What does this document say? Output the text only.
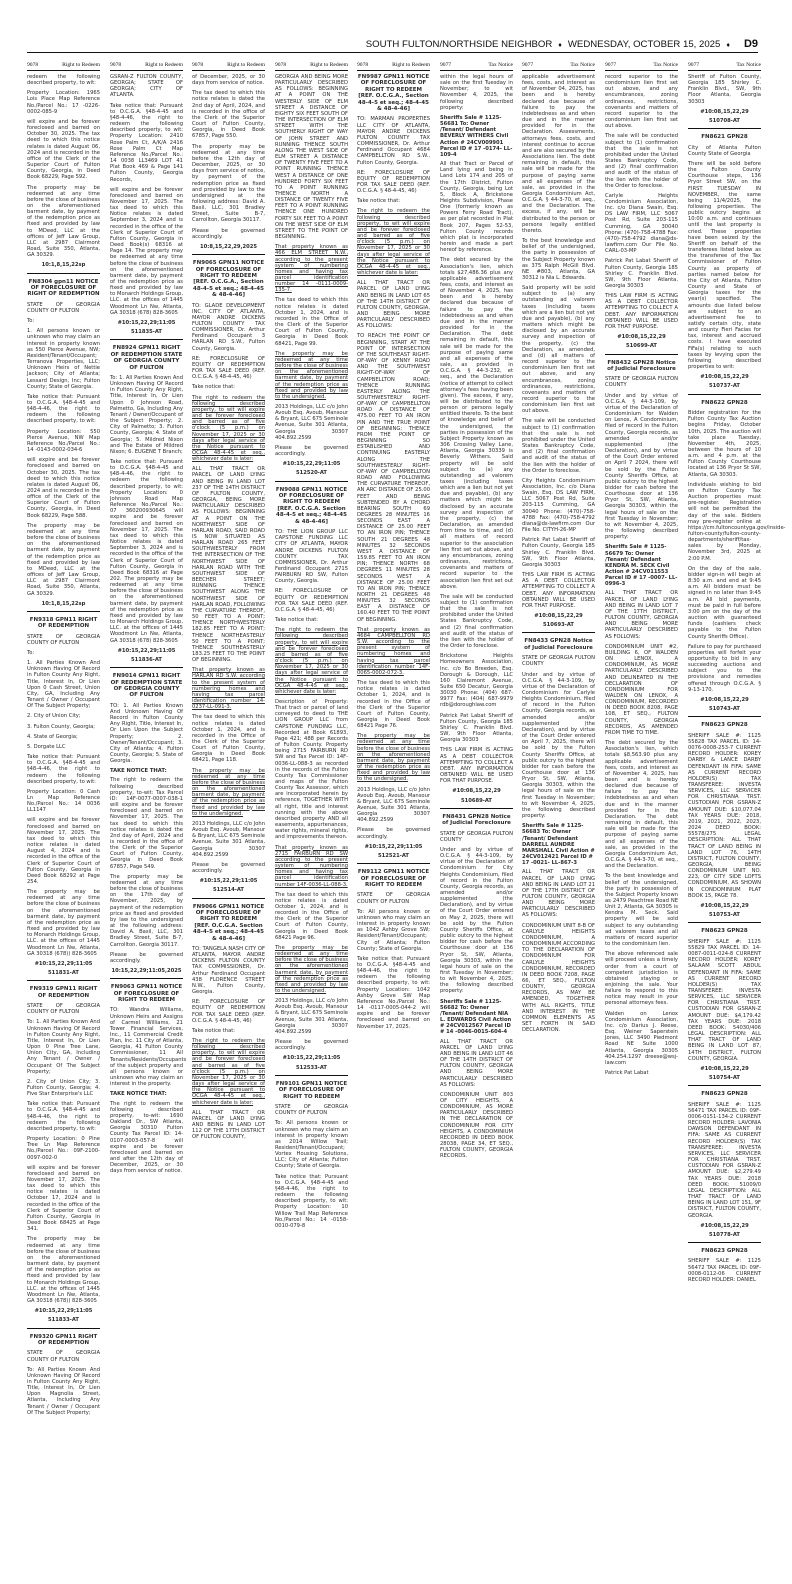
SOUTH FULTON/NORTHSIDE NEIGHBOR ♦ WEDNESDAY, OCTOBER 15, 2025 ♦ D9
9078	Right to Redeem
redeem the following described property, to wit:
Property Location: 1965 Lois Place Map Reference No./Parcel No.: 17 -0226-0002-085-9
will expire and be forever foreclosed and barred on October 30, 2025. The tax deed to which this notice relates is dated August 06, 2024 and is recorded in the office of the Clerk of the Superior Court of Fulton County, Georgia, in Deed Book 68229, Page 592.
The property may be redeemed at any time before the close of business on the aforementioned barment date, by payment of the redemption price as fixed and provided by law to MDeed, LLC at the offices of Jeff Law Group, LLC at 2987 Clairmont Road, Suite 350, Atlanta, GA 30329.
10:1,8,15,22sp
FN8304 gpn11 NOTICE OF FORECLOSURE OF RIGHT OF REDEMPTION
STATE OF GEORGIA COUNTY OF FULTON
To:
1. All persons known or unknown who may claim an interest in property known as 550 Pierce Avenue, NW; Resident/Tenant/Occupant; Terranova Properties, LLC; Unknown Heirs of Nettie Jackson; City of Atlanta; Lessard Design, Inc; Fulton County; State of Georgia.
Take notice that: Pursuant to O.C.G.A. §48-4-45 and §48-4-46, the right to redeem the following described property, to wit:
Property Location: 550 Pierce Avenue, NW Map Reference No./Parcel No.: 14 -0143-0002-034-6
will expire and be forever foreclosed and barred on October 30, 2025. The tax deed to which this notice relates is dated August 06, 2024 and is recorded in the office of the Clerk of the Superior Court of Fulton County, Georgia, in Deed Book 68229, Page 588.
The property may be redeemed at any time before the close of business on the aforementioned barment date, by payment of the redemption price as fixed and provided by law to MDeed, LLC at the offices of Jeff Law Group, LLC at 2987 Clairmont Road, Suite 350, Atlanta, GA 30329.
10:1,8,15,22sp
FN9318 GPN11 RIGHT OF REDEMPTION
STATE OF GEORGIA COUNTY OF FULTON
To:
1. All Parties Known And Unknown Having Of Record in Fulton County Any Right, Title, Interest In, Or Lien Upon 0 Cash Street, Union City, GA, Including Any Tenant / Owner / Occupant Of The Subject Property;
2. City of Union City;
3. Fulton County, Georgia;
4. State of Georgia;
5. Dorgate LLC
Take notice that: Pursuant to O.C.G.A. §48-4-45 and §48-4-46, the right to redeem the following described property, to wit:
Property Location: 0 Cash Ln Map Reference No./Parcel No.: 14 0036 LL1147
will expire and be forever foreclosed and barred on November 17, 2025. The tax deed to which this notice relates is dated August 4, 2024 and is recorded in the office of the Clerk of Superior Court of Fulton County, Georgia in Deed Book 68292 at Page 254.
The property may be redeemed at any time before the close of business on the aforementioned barment date, by payment of the redemption price as fixed and provided by law to Monarch Holdings Group, LLC. at the offices of 1445 Woodmont Ln Nw, Atlanta, GA 30318 (678)) 828-3605
#10:15,22,29;11:05
511831-AT
FN9319 GPN11 RIGHT OF REDEMPTION
STATE OF GEORGIA COUNTY OF FULTON
To: 1. All Parties Known And Unknown Having Of Record in Fulton County Any Right, Title, Interest In, Or Lien Upon 0 Pine Tree Lane, Union City, GA, Including Any Tenant / Owner / Occupant Of The Subject Property;
2. City of Union City; 3. Fulton County, Georgia; 4. Five Star Enterprise's LLC
Take notice that: Pursuant to O.C.G.A. §48-4-45 and §48-4-46, the right to redeem the following described property, to wit:
Property Location: 0 Pine Tree Ln Map Reference No./Parcel No.: 09F-2100-0097-002-0
will expire and be forever foreclosed and barred on November 17, 2025. The tax deed to which this notice relates is dated October 17, 2024 and is recorded in the office of the Clerk of Superior Court of Fulton County, Georgia in Deed Book 68425 at Page 341.
The property may be redeemed at any time before the close of business on the aforementioned barment date, by payment of the redemption price as fixed and provided by law to Monarch Holdings Group, LLC. at the offices of 1445 Woodmont Ln Nw, Atlanta, GA 30318 (678)) 828-3605
#10:15,22,29;11:05
511833-AT
FN9320 GPN11 RIGHT OF REDEMPTION
STATE OF GEORGIA COUNTY OF FULTON
To: All Parties Known And Unknown Having Of Record in Fulton County Any Right, Title, Interest In, Or Lien Upon Magnolia Street, Atlanta, Including Any Tenant / Owner / Occupant Of The Subject Property;
9078	Right to Redeem
GSRAN-Z FULTON COUNTY, GEORGIA; STATE OF GEORGIA; CITY OF ATLANTA.
Take notice that: Pursuant to O.C.G.A. §48-4-45 and §48-4-46, the right to redeem the following described property, to wit: Property Location: 2410 Rose Palm Ct, A/K/A 2416 Rose Palm Ct Map Reference No./Parcel No.: 14 0038 LL3469 LOT 41 Plat Book 469 & Page 141 Fulton County, Georgia Records,
will expire and be forever foreclosed and barred on November 17, 2025. The tax deed to which this Notice relates is dated September 3, 2024 and is recorded in the office of the Clerk of Superior Court of Fulton County, Georgia in Deed Book(s) 68316 at Page 14. The property may be redeemed at any time before the close of business on the aforementioned barment date, by payment of the redemption price as fixed and provided by law to Monarch Holdings Group, LLC. at the offices of 1445 Woodmont Ln Nw, Atlanta, GA 30318 (678) 828-3605
#10:15,22,29;11:05
511835-AT
FN8924 GPN11 RIGHT OF REDEMPTION STATE OF GEORGIA COUNTY OF FULTON
To: 1. All Parties Known And Unknown Having Of Record in Fulton County Any Right, Title, Interest In, Or Lien Upon 0 Johnson Road, Palmetto, Ga, Including Any Tenant / Owner/Occupant of the Subject Property; 2. City of Palmetto; 3. Fulton County, Georgia; 4. State of Georgia; 5. Mildred Nixon and The Estate of Mildred Nixon; 6. EUGENE T Branch;
Take notice that: Pursuant to O.C.G.A. §48-4-45 and §48-4-46, the right to redeem the following described property, to wit: Property Location: 0 Johnson Road Map Reference No./Parcel No.: 07 360200930645 will expire and be forever foreclosed and barred on November 17, 2025. The tax deed to which this Notice relates is dated September 3, 2024 and is recorded in the office of the Clerk of Superior Court of Fulton County, Georgia in Deed Book 68316 at Page 202. The property may be redeemed at any time before the close of business on the aforementioned barment date, by payment of the redemption price as fixed and provided by law to Monarch Holdings Group, LLC. at the offices of 1445 Woodmont Ln Nw, Atlanta, GA 30318 (678) 828-3605
#10:15,22,29;11:05
511836-AT
FN9014 GPN11 RIGHT OF REDEMPTION STATE OF GEORGIA COUNTY OF FULTON
TO: 1. All Parties Known And Unknown Having Of Record in Fulton County Any Right, Title, Interest In, Or Lien Upon the Subject Property; 2. Owner/Tenant/Occupant; 3. City of Atlanta; 4. Fulton County, Georgia; 5. State of Georgia.
TAKE NOTICE THAT:
The right to redeem the following described property, to-wit: Tax Parcel ID: 14F-0077-0007-038-1 will expire and be forever foreclosed and barred on November 17, 2025. The tax deed to which this notice relates is dated the 2nd day of April, 2024 and is recorded in the office of the Clerk of the Superior Court of Fulton County, Georgia in Deed Book 67857, Page 549.
The property may be redeemed at any time before the close of business on the 17th day of November, 2025, by payment of the redemption price as fixed and provided by law to the undersigned at the following address: David A. Basil, LLC, 301 Bradley Street, Suite B-7, Carrollton, Georgia 30117.
Please be governed accordingly.
10:15,22,29;11:05,2025
FN9063 GPN11 NOTICE OF FORECLOSURE OF RIGHT TO REDEEM
TO: Wandra Williams, Unknown Heirs and Assigns of Carmel Williams, 21 Tower Financial Services, Inc., 11 Commercial Credit Plan, Inc. 11 City of Atlanta, Georgia, 41 Fulton County Commissioner, 11 All Tenants/Residents/Occupants of the subject property and all persons known or unknown who may claim an interest in the property.
TAKE NOTICE THAT:
The right to redeem the following described property, to-wit: 1690 Oakland Dr., SW Atlanta, Georgia 30310 Fulton County Tax Parcel ID: 14-0107-0003-057-8 will expire and be forever foreclosed and barred on and after the 12th day of December, 2025, or 30 days from service of notice.
9078	Right to Redeem
of December, 2025, or 30 days from service of notice.
The tax deed to which this notice relates is dated the 2nd day of April, 2024, and is recorded in the office of the Clerk of the Superior Court of Fulton County, Georgia, in Deed Book 67857, Page 550.
The property may be redeemed at any time before the 12th day of December, 2025, or 30 days from service of notice, by payment of the redemption price as fixed and provided by law to the undersigned at the following address: David A. Basil, LLC, 301 Bradley Street, Suite B-7, Carrollton, Georgia 30117.
Please be governed accordingly.
10:8,15,22,29,2025
FN9065 GPN11 NOTICE OF FORECLOSURE OF RIGHT TO REDEEM [REF. O.C.G.A., Section 48-4-5 et seq.; 48-4-45 & 48-4-46]
TO: GLADE DEVELOPMENT INC. CITY OF ATLANTA, MAYOR ANDRE DICKENS FULTON COUNTY TAX COMMISSIONER, Dr. Arthur Ferdinand Occupant 3 HARLAN RD S.W., Fulton County, Georgia.
RE: FORECLOSURE OF EQUITY OF REDEMPTION FOR TAX SALE DEED (REF. O.C.G.A. § 48-4-45, 46)
Take notice that:
The right to redeem the following described property, to wit will expire and be forever foreclosed and barred as of five o'clock (5 p.m.) on November 17, 2025 or 30 days after legal service of the Notice pursuant to OCGA 48-4-45 et seq., whichever date is later:
ALL THAT TRACT OR PARCEL OF LAND LYING AND BEING IN LAND LOT 237 OF THE 14TH DISTRICT OF FULTON COUNTY, GEORGIA, BEING MORE PARTICULARLY DESCRIBED AS FOLLOWS: BEGINNING AT A POINT ON THE NORTHWEST SIDE OF HARLAN ROAD, SAID ROAD IS NOW SITUATED AS HARLAN ROAD 265 FEET SOUTHWESTERLY FROM THE INTERSECTION OF THE NORTHWEST SIDE OF HARLAN ROAD WITH THE SOUTHWEST SIDE OF BEECHER STREET; RUNNING THENCE SOUTHWEST ALONG THE NORTHWEST SIDE OF HARLAN ROAD, FOLLOWING THE CURVATURE THEREOF, 50 FEET TO A POINT; THENCE NORTHWESTERLY 182.85 FEET TO A POINT; THENCE NORTHEASTERLY 50 FEET TO A POINT; THENCE SOUTHEASTERLY 183.25 FEET TO THE POINT OF BEGINNING.
That property known as HARLAN RD S.W. according to the present system of numbering homes and having tax parcel identification number 14-0237-LL-091-3.
The tax deed to which this notice relates is dated October 1, 2024, and is recorded in the Office of the Clerk of the Superior Court of Fulton County, Georgia in Deed Book 68421, Page 118.
The property may be redeemed at any time before the close of business on the aforementioned barment date, by payment of the redemption price as fixed and provided by law to the undersigned.
2013 Holdings, LLC c/o John Avoub Esq. Avoub, Mansour & Bryant, LLC 675 Seminole Avenue, Suite 301 Atlanta, Georgia 30307 404.892.2599
Please be governed accordingly.
#10:15,22,29;11:05
512514-AT
FN9066 GPN11 NOTICE OF FORECLOSURE OF RIGHT TO REDEEM [REF. O.C.G.A. Section 48-4-5 et seq.; 48-4-45 & 48-4-46]
TO: TANGELA NASH CITY OF ATLANTA, MAYOR ANDRE DICKENS FULTON COUNTY TAX COMMISSIONER, Dr. Arthur Ferdinand Occupant 438 FLORENCE STREET N.W., Fulton County, Georgia.
RE: FORECLOSURE OF EQUITY OF REDEMPTION FOR TAX SALE DEED (REF. O.C.G.A. § 48-4-45, 46)
Take notice that:
The right to redeem the following described property, to wit will expire and be forever foreclosed and barred as of five o'clock (5 p.m.) on November 17, 2025 or 30 days after legal service of the Notice pursuant to OCGA 48-4-45 et seq., whichever date is later:
ALL THAT TRACT OR PARCEL OF LAND LYING AND BEING IN LAND LOT 112 OF THE 17TH DISTRICT OF FULTON COUNTY,
9078	Right to Redeem
GEORGIA AND BEING MORE PARTICULARLY DESCRIBED AS FOLLOWS: BEGINNING AT A POINT ON THE WESTERLY SIDE OF ELM STREET A DISTANCE OF EIGHTY SIX FEET SOUTH OF THE INTERSECTION OF ELM STREET WITH THE SOUTHERLY RIGHT OF WAY OF JOHN STREET AND RUNNING THENCE SOUTH ALONG THE WEST SIDE OF ELM STREET A DISTANCE OF TWENTY FIVE FEET TO A POINT RUNNING THENCE WEST A DISTANCE OF ONE HUNDRED FORTY SIX FEET TO A POINT RUNNING THENCE NORTH A DISTANCE OF TWENTY FIVE FEET TO A POINT RUNNING THENCE ONE HUNDRED FORTY SIX FEET TO A POINT ON THE WEST SIDE OF ELM STREET TO THE POINT OF BEGINNING.
That property known as 466 ELM STREET N.W., according to the present system of numbering homes and having tax parcel identification number 14 -0111-0009-135-7.
The tax deed to which this notice relates is dated October 1, 2024, and is recorded in the Office of the Clerk of the Superior Court of Fulton County, Georgia in Deed Book 68421, Page 99.
The property may be redeemed at any time before the close of business on the aforementioned barment date, by payment of the redemption price as fixed and provided by law to the undersigned.
2013 Holdings, LLC c/o John Avoub Esq. Avoub, Mansour & Bryant, LLC 675 Seminole Avenue, Suite 301 Atlanta, Georgia 30307 404.892.2599
Please be governed accordingly.
#10:15,22,29;11:05
512520-AT
FN9088 GPN11 NOTICE OF FORECLOSURE OF RIGHT TO REDEEM [REF. O.C.G.A. Section 48-4-5 et seq.; 48-4-45 & 48-4-46]
TO: THE LION GROUP LLC CAPSTONE FUNDING LLC CITY OF ATLANTA, MAYOR ANDRE DICKENS FULTON COUNTY TAX COMMISSIONER, Dr. Arthur Ferdinand Occupant 2715 FAIRBURN RD SW, Fulton County, Georgia.
RE: FORECLOSURE OF EQUITY OF REDEMPTION FOR TAX SALE DEED (REF. O.C.G.A. § 48-4-45, 46)
Take notice that:
The right to redeem the following described property, to wit will expire and be forever foreclosed and barred as of five o'clock (5 p.m.) on November 17, 2025 or 30 days after legal service of the Notice pursuant to OCGA 48-4-45 et seq., whichever date is later:
Description of Property: That tract or parcel of land conveyed to deed to THE LION GROUP LLC from CAPSTONE FUNDING LLC, Recorded at Book 61893, Page 421; 488 per Records of Fulton County. Property being 2715 FAIRBURN RD SW and Tax Parcel ID: 14F-0036-LL-088-3 as recorded in the records of the Fulton County Tax Commissioner and maps of the Fulton County Tax Assessor, which are incorporated herein by reference, TOGETHER WITH all right, title and interest running with the above described property AND all easements, appurtenances, water rights, mineral rights, and improvements thereon.
That property known as 2715 FAIRBURN RD SW according to the present system of numbering homes and having tax parcel identification number 14F-0036-LL-088-3.
The tax deed to which this notice relates is dated October 1, 2024, and is recorded in the Office of the Clerk of the Superior Court of Fulton County, Georgia in Deed Book 68421 Page 96.
The property may be redeemed at any time before the close of business on the aforementioned barment date, by payment of the redemption price as fixed and provided by law to the undersigned.
2013 Holdings, LLC c/o John Avoub Esq. Avoub, Mansour & Bryant, LLC 675 Seminole Avenue, Suite 301 Atlanta, Georgia 30307 404.892.2599
Please be governed accordingly.
#10:15,22,29;11:05
512533-AT
FN9101 GPN11 NOTICE OF FORECLOSURE OF RIGHT TO REDEEM
STATE OF GEORGIA COUNTY OF FULTON
To: All persons known or unknown who may claim an interest in property known as 2014 Willow Trail; Resident/Tenant/Occupant; Vortex Housing Solutions, LLC; City of Atlanta; Fulton County; State of Georgia.
Take notice that: Pursuant to O.C.G.A. §48-4-45 and §48-4-46, the right to redeem the following described property, to wit: Property Location: 10 Willow Trail Map Reference No./Parcel No.: 14 -0158-0010-079-8
9078	Right to Redeem
FN9987 GPN11 NOTICE OF FORECLOSURE OF RIGHT TO REDEEM [REF. O.C.G.A., Section 48-4-5 et seq.; 48-4-45 & 48-4-46]
TO: MARMAN PROPERTIES LLC CITY OF ATLANTA, MAYOR ANDRE DICKENS FULTON COUNTY TAX COMMISSIONER, Dr. Arthur Ferdinand Occupant 4684 CAMPBELLTON RD S.W., Fulton County, Georgia.
RE: FORECLOSURE OF EQUITY OF REDEMPTION FOR TAX SALE DEED (REF. O.C.G.A. § 48-4-45, 46)
Take notice that:
The right to redeem the following described property, to wit will expire and be forever foreclosed and barred as of five o'clock (5 p.m.) on November 17, 2025 or 30 days after legal service of the Notice pursuant to OCGA 48-4-45 et seq., whichever date is later:
ALL THAT TRACT OR PARCEL OF LAND LYING AND BEING IN LAND LOT 65 OF THE 14TH DISTRICT OF FULTON COUNTY, GEORGIA, AND BEING MORE PARTICULARLY DESCRIBED AS FOLLOWS:
TO REACH THE POINT OF BEGINNING, START AT THE POINT OF INTERSECTION OF THE SOUTHEAST RIGHT-OF-WAY OF KENNY ROAD AND THE SOUTHWEST RIGHT-OF-WAY OF CAMPBELLTON ROAD; THENCE RUNNING EASTERLY ALONG THE SOUTHWESTERLY RIGHT-OF-WAY OF CAMPBELLTON ROAD A DISTANCE OF 475.00 FEET TO AN IRON PIN AND THE TRUE POINT OF BEGINNING; THENCE FROM THE POINT OF BEGINNING SO ESTABLISHED AND CONTINUING EASTERLY ALONG THE SOUTHWESTERLY RIGHT-OF-WAY OF CAMPBELLTON ROAD AND FOLLOWING THE CURVATURE THEREOF, AN ARC DISTANCE OF 25.00 FEET AND BEING SUBTENDED BY A CHORD BEARING SOUTH 69 DEGREES 28 MINUTES 16 SECONDS EAST A DISTANCE OF 25.00 FEET TO AN IRON PIN; THENCE SOUTH 21 DEGREES 48 MINUTES 32 SECONDS WEST A DISTANCE OF 159.85 FEET TO AN IRON PIN; THENCE NORTH 68 DEGREES 11 MINUTES 28 SECONDS WEST A DISTANCE OF 25.00 FEET TO AN IRON PIN; THENCE NORTH 21 DEGREES 48 MINUTES 32 SECONDS EAST A DISTANCE OF 160.40 FEET TO THE POINT OF BEGINNING.
That property known as 4684 CAMPBELLTON RD S.W. according to the present system of numbering homes and having tax parcel identification number 14F-0065-0002-072-3.
The tax deed to which this notice relates is dated October 1, 2024, and is recorded in the Office of the Clerk of the Superior Court of Fulton County, Georgia in Deed Book 68421 Page 76.
The property may be redeemed at any time before the close of business on the aforementioned barment date, by payment of the redemption price as fixed and provided by law to the undersigned.
2013 Holdings, LLC c/o John Avoub Esq. Avoub, Mansour & Bryant, LLC 675 Seminole Avenue, Suite 301 Atlanta, Georgia 30307 404.892.2599
Please be governed accordingly.
#10:15,22,29;11:05
512521-AT
FN9112 GPN11 NOTICE OF FORECLOSURE OF RIGHT TO REDEEM
STATE OF GEORGIA COUNTY OF FULTON
To: All persons known or unknown who may claim an interest in property known as 1042 Ashby Grove SW; Resident/Tenant/Occupant; City of Atlanta; Fulton County; State of Georgia.
Take notice that: Pursuant to O.C.G.A. §48-4-45 and §48-4-46, the right to redeem the following described property, to wit: Property Location: 1042 Ashby Grove SW Map Reference No./Parcel No.: 14 -0117-0005-044-2 will expire and be forever foreclosed and barred on November 17, 2025.
9077	Tax Notice
within the legal hours of sale on the first Tuesday in November; to wit November 4, 2025, the following described property:
Sheriffs Sale # 1125-56681 To: Owner /Tenant/ Defendant BEVERLY WITHERS Civil Action # 24CV009901 Parcel ID # 17 -0174- LL-109-4
All that Tract or Parcel of Land lying and being in Land Lots 174 and 205 of the 17th District, Fulton County, Georgia, being Lot 5, Block A, Brickstone Heights Subdivision, Phase One (formerly known as Powers Ferry Road Tract), as per plat recorded in Plat Book 207, Pages 52-53, Fulton County records which plat is incorporated herein and made a part hereof by reference.
The debt secured by the Association's lien, which totals $27,486.36 plus any applicable advertisement fees, costs, and interest as of November 4, 2025, has been and is hereby declared due because of failure to pay the indebtedness as and when due and in the manner provided for in the Declaration. The debt remaining in default, this sale will be made for the purpose of paying same and all expenses of the sale, as provided in O.C.G.A. § 44-3-232, et seq., and the Declaration (notice of attempt to collect attorney's fees having been given). The excess, if any, will be distributed to the person or persons legally entitled thereto. To the best of knowledge and belief of the undersigned, the parties in possession of the Subject Property known as 306 Crossing Valley Lane, Atlanta, Georgia 30339 is Beverly Withers. Said property will be sold subject to (a) any outstanding ad valorem taxes (including taxes which are a lien but not yet due and payable), (b) any matters which might be disclosed by an accurate survey and inspection of the property, (c) the Declaration, as amended from time to time, and (d) all matters of record superior to the association lien first set out above, and any encumbrances, zoning ordinances, restrictions, covenants and matters of record superior to the association lien first set out above.
The sale will be conducted subject to (1) confirmation that the sale is not prohibited under the United States Bankruptcy Code, and (2) final confirmation and audit of the status of the lien with the holder of the Order to foreclose.
Brickstone Heights Homeowners Association, Inc. c/o Bo Breeden, Esq. Dorough & Dorough, LLC 160 Clairemont Avenue, Suite 650 Decatur, Georgia 30030 Phone: (404) 687-9977 Fax: (404) 687-9979 rdb@doroughlaw.com
Patrick Pat Labat Sheriff of Fulton County, Georgia 185 Shirley C. Franklin Blvd. SW, 9th Floor Atlanta, Georgia 30303
THIS LAW FIRM IS ACTING AS A DEBT COLLECTOR ATTEMPTING TO COLLECT A DEBT. ANY INFORMATION OBTAINED WILL BE USED FOR THAT PURPOSE.
#10:08,15,22,29
510689-AT
FN8431 GPN28 Notice of Judicial Foreclosure
STATE OF GEORGIA FULTON COUNTY
Under and by virtue of O.C.G.A. § 44-3-109, by virtue of the Declaration of Condominium for City Heights Condominium, filed of record in the Fulton County, Georgia records, as amended and/or supplemented (the Declaration), and by virtue of the Court Order entered on May 2, 2025, there will be sold by the Fulton County Sheriffs Office, at public outcry to the highest bidder for cash before the Courthouse door at 136 Pryor St, SW, Atlanta, Georgia 30303, within the legal hours of sale on the first Tuesday in November; to wit November 4, 2025, the following described property:
Sheriffs Sale # 1125-56682 To: Owner /Tenant/ Defendant NIA L. EDWARDS Civil Action # 24CV012567 Parcel ID # 14 -0046-0015-604-4
ALL THAT TRACT OR PARCEL OF LAND LYING AND BEING IN LAND LOT 46 OF THE 14TH DISTRICT OF FULTON COUNTY, GEORGIA AND BEING MORE PARTICULARLY DESCRIBED AS FOLLOWS:
CONDOMINIUM UNIT 803 OF CITY HEIGHTS, A CONDOMINIUM, AS MORE PARTICULARLY DESCRIBED IN THE DECLARATION OF CONDOMINIUM FOR CITY HEIGHTS, A CONDOMINIUM RECORDED IN DEED BOOK 28038, PAGE 34, ET SEQ., FULTON COUNTY, GEORGIA RECORDS.
9077	Tax Notice
applicable advertisement fees, costs, and interest as of November 04, 2025, has been and is hereby declared due because of failure to pay the indebtedness as and when due and in the manner provided for in the Declaration. Assessments, attorneys fees, costs, and interest continue to accrue and are also secured by the Associations lien. The debt remaining in default, this sale will be made for the purpose of paying same and all expenses of the sale, as provided in the Georgia Condominium Act, O.C.G.A. § 44-3-70, et seq., and the Declaration. The excess, if any, will be distributed to the person or persons legally entitled thereto.
To the best knowledge and belief of the undersigned, the party in possession of the Subject Property known as 375 Ralph McGill Blvd. NE #803, Atlanta, GA 30312 is Nia L. Edwards.
Said property will be sold subject to (a) any outstanding ad valorem taxes (including taxes which are a lien but not yet due and payable), (b) any matters which might be disclosed by an accurate survey and inspection of the property, (c) the Declaration, as amended, and (d) all matters of record superior to the condominium lien first set out above, and any encumbrances, zoning ordinances, restrictions, covenants and matters of record superior to the condominium lien first set out above.
The sale will be conducted subject to (1) confirmation that the sale is not prohibited under the United States Bankruptcy Code, and (2) final confirmation and audit of the status of the lien with the holder of the Order to foreclose.
City Heights Condominium Association, Inc. c/o Diana Swain, Esq. DS LAW FIRM, LLC 5067 Post Rd, Suite 203-115 Cumming, GA 30040 Phone: (470)-758-4788 Fax: (470)-758-4792 diana@ds-lawfirm.com Our File No. CITYH-26-MP
Patrick Pat Labat Sheriff of Fulton County, Georgia 185 Shirley C. Franklin Blvd. SW, 9th Floor Atlanta, Georgia 30303
THIS LAW FIRM IS ACTING AS A DEBT COLLECTOR ATTEMPTING TO COLLECT A DEBT. ANY INFORMATION OBTAINED WILL BE USED FOR THAT PURPOSE.
#10:08,15,22,29
510693-AT
FN8433 GPN28 Notice of Judicial Foreclosure
STATE OF GEORGIA FULTON COUNTY
Under and by virtue of O.C.G.A. § 44-3-109, by virtue of the Declaration of Condominium for Carlyle Heights Condominium, filed of record in the Fulton County, Georgia records, as amended and/or supplemented (the Declaration), and by virtue of the Court Order entered on April 7, 2025, there will be sold by the Fulton County Sheriffs Office, at public outcry to the highest bidder for cash before the Courthouse door at 136 Pryor St, SW, Atlanta, Georgia 30303, within the legal hours of sale on the first Tuesday in November; to wit November 4, 2025, the following described property:
Sheriffs Sale # 1125-56683 To: Owner /Tenant/ Defendant DARRELL AUNDRE MARSHALL Civil Action # 24CV012421 Parcel ID # 17 -0021- LL-867-3
ALL THAT TRACT OR PARCEL OF LAND LYING AND BEING IN LAND LOT 21 OF THE 17TH DISTRICT OF FULTON COUNTY, GEORGIA AND BEING MORE PARTICULARLY DESCRIBED AS FOLLOWS:
CONDOMINIUM UNIT 8-B OF CARLYLE HEIGHTS CONDOMINIUM, A CONDOMINIUM ACCORDING TO THE DECLARATION OF CONDOMINIUM FOR CARLYLE HEIGHTS CONDOMINIUM, RECORDED IN DEED BOOK 7208, PAGE 66, ET SEQ., FULTON COUNTY, GEORGIA RECORDS, AS MAY BE AMENDED, TOGETHER WITH ALL RIGHTS, TITLE AND INTEREST IN THE COMMON ELEMENTS AS SET FORTH IN SAID DECLARATION.
9077	Tax Notice
record superior to the condominium lien first set out above, and any encumbrances, zoning ordinances, restrictions, covenants and matters of record superior to the condominium lien first set out above.
The sale will be conducted subject to (1) confirmation that the sale is not prohibited under the United States Bankruptcy Code, and (2) final confirmation and audit of the status of the lien with the holder of the Order to foreclose.
Carlyle Heights Condominium Association, Inc. c/o Diana Swain, Esq. DS LAW FIRM, LLC 5067 Post Rd, Suite 203-115 Cumming, GA 30040 Phone: (470)-758-4788 Fax: (470)-758-4792 diana@ds-lawfirm.com Our File No. CARL-03-MP
Patrick Pat Labat Sheriff of Fulton County, Georgia 185 Shirley C. Franklin Blvd. SW, 9th Floor Atlanta, Georgia 30303
THIS LAW FIRM IS ACTING AS A DEBT COLLECTOR ATTEMPTING TO COLLECT A DEBT. ANY INFORMATION OBTAINED WILL BE USED FOR THAT PURPOSE.
#10:08,15,22,29
510699-AT
FN8432 GPN28 Notice of Judicial Foreclosure
STATE OF GEORGIA FULTON COUNTY
Under and by virtue of O.C.G.A. § 44-3-109, by virtue of the Declaration of Condominium for Walden on Lenox, A Condominium, filed of record in the Fulton County, Georgia records, as amended and/or supplemented (the Declaration), and by virtue of the Court Order entered on April 7 2024, there will be sold by the Fulton County Sheriffs Office, at public outcry to the highest bidder for cash before the Courthouse door at 136 Pryor St, SW, Atlanta, Georgia 30303, within the legal hours of sale on the first Tuesday in November; to wit November 4, 2025, the following described property:
Sheriffs Sale # 1125-56679 To: Owner /Tenant/ Defendant KENDRA M. SECK Civil Action # 24CV011553 Parcel ID # 17 -0007- LL-0996-3
ALL THAT TRACT OR PARCEL OF LAND LYING AND BEING IN LAND LOT 7 OF THE 17TH DISTRICT, FULTON COUNTY, GEORGIA AND BEING MORE PARTICULARLY DESCRIBED AS FOLLOWS:
CONDOMINIUM UNIT #2, BUILDING 6, OF WALDEN ON LENOX, A CONDOMINIUM, AS MORE PARTICULARLY DESCRIBED AND DELINEATED IN THE DECLARATION OF CONDOMINIUM FOR WALDEN ON LENOX, A CONDOMINIUM, RECORDED IN DEED BOOK 8208, PAGE 108, ET SEQ., FULTON COUNTY, GEORGIA RECORDS, AS AMENDED FROM TIME TO TIME.
The debt secured by the Association's lien, which totals $8,563.90 plus any applicable advertisement fees, costs, and interest as of November 4, 2025, has been and is hereby declared due because of failure to pay the indebtedness as and when due and in the manner provided for in the Declaration. The debt remaining in default, this sale will be made for the purpose of paying same and all expenses of the sale, as provided in the Georgia Condominium Act, O.C.G.A. § 44-3-70, et seq., and the Declaration.
To the best knowledge and belief of the undersigned, the party in possession of the Subject Property known as 2479 Peachtree Road NE Unit 2, Atlanta, GA 30305 is Kendra M. Seck. Said property will be sold subject to any outstanding ad valorem taxes and all matters of record superior to the condominium lien.
The above referenced sale will proceed unless a timely order from a court of competent jurisdiction is obtained staying or enjoining the sale. Your failure to respond to this notice may result in your personal attorneys fees.
Walden on Lenox Condominium Association, Inc. c/o Darius J. Reese, Esq. Weiner Saperstein Jones, LLC 3490 Piedmont Road NE Suite 1000 Atlanta, Georgia 30305 404.254.1297 dreese@wsj-law.com
Patrick Pat Labat
9077	Tax Notice
Sheriff of Fulton County, Georgia 185 Shirley C. Franklin Blvd., SW, 9th Floor Atlanta, Georgia 30303
#10:08,15,22,29
510708-AT
FN8621 GPN28
City of Atlanta Fulton County State of Georgia
There will be sold before the Fulton County Courthouse steps, 136 Pryor Street SW, on the FIRST TUESDAY IN NOVEMBER, the same being 11/4/2025, the following properties. The public outcry begins at 10:00 a.m. and continues until the last property is cried. These properties have been seized by the Sheriff on behalf of the transferees listed below as the transferee of the Tax Commissioner of Fulton County as property of parties named below for the City of Atlanta, Fulton County and State of Georgia taxes for the year(s) specified. The amounts due listed below are subject to an advertisement fee to satisfy certain city, state and county Fieri Facias for tax, interest and accrued costs. I have executed FiFa(s) relating to such taxes by levying upon the following described properties to writ:
#10:08,15,22,29
510737-AT
FN8622 GPN28
Bidder registration for the Fulton County Tax Auction begins Friday, October 10th, 2025. The auction will take place Tuesday, November 4th, 2025, between the hours of 10 a.m. and 4 p.m. at the Fulton County Courthouse located at 136 Pryor St SW, Atlanta, GA 30303.
Individuals wishing to bid on Fulton County Tax Auction properties must pre-register. Registration will not be permitted the day of the sale. Bidders may pre-register online at https://cm.fultoncountyga.gov/inside-fulton-county/fulton-county-departments/sheriff/tax-sales by Monday, November 3rd, 2025 at 2:00 P.M.
On the day of the sale, bidder sign-in will begin at 8:30 a.m. and end at 9:45 a.m. All bidders must be signed in no later than 9:45 a.m. All bid payments, must be paid in full before 3:00 pm on the day of the auction with guaranteed funds (cashiers check payable to the Fulton County Sheriffs Office).
Failure to pay for purchased properties will forfeit your opportunity to bid in any succeeding auctions and subject you to the provisions and remedies offered through O.C.G.A. § 9-13-170.
#10:08,15,22,29
510743-AT
FN8623 GPN28
SHERIFF SALE #: 1125 55828 TAX PARCEL ID: 14-0076-0008-253-7 CURRENT RECORD HOLDER: KOREY DARBY & LANCE DARBY DEFENDANT IN FIFA: SAME AS CURRENT RECORD HOLDER(S) TAX TRANSFEREE: INVESTA SERVICES, LLC SERVICER FOR CHRISTIANA TRST. CUSTODIAN FOR GSRAN-Z AMOUNT DUE: $10,077.04 TAX YEARS DUE: 2018, 2019, 2021, 2022, 2023, 2024 DEED BOOK: 55578/275 LEGAL DESCRIPTION: ALL THAT TRACT OF LAND BEING IN LAND LOT 76, 14TH DISTRICT, FULTON COUNTY, GEORGIA, BEING CONDOMINIUM UNIT NO. 223, OF CITY SIDE LOFTS CONDOMINIUM, AS SHOWN IN CONDOMINIUM PLAT BOOK 15, PAGE 78.
#10:08,15,22,29
510753-AT
FN8623 GPN28
SHERIFF SALE #: 1125 55829 TAX PARCEL ID: 14-0087-0011-024-8 CURRENT RECORD HOLDER: KOREY SALAAM SCOTT ABDUL DEFENDANT IN FIFA: SAME AS CURRENT RECORD HOLDER(S) TAX TRANSFEREE: INVESTA SERVICES, LLC SERVICER FOR CHRISTIANA TRST. CUSTODIAN FOR GSRAN-Z AMOUNT DUE: $4,179.42 TAX YEARS DUE: 2018 DEED BOOK: 54030/406 LEGAL DESCRIPTION: ALL THAT TRACT OF LAND BEING IN LAND LOT 87, 14TH DISTRICT, FULTON COUNTY, GEORGIA.
#10:08,15,22,29
510754-AT
FN8623 GPN28
SHERIFF SALE #: 1125 56471 TAX PARCEL ID: 09F-0006-0151-134-2 CURRENT RECORD HOLDER: LAVONIA DAWSON DEFENDANT IN FIFA: SAME AS CURRENT RECORD HOLDER(S) TAX TRANSFEREE: INVESTA SERVICES, LLC SERVICER FOR CHRISTIANA TRST. CUSTODIAN FOR GSRAN-Z AMOUNT DUE: $2,279.49 TAX YEARS DUE: 2018 DEED BOOK: 51009/0 LEGAL DESCRIPTION: ALL THAT TRACT OF LAND BEING IN LAND LOT 151, 9F DISTRICT, FULTON COUNTY, GEORGIA.
#10:08,15,22,29
510778-AT
FN8623 GPN28
SHERIFF SALE #: 1125 56472 TAX PARCEL ID: 09F-0008-0112-06 CURRENT RECORD HOLDER: DANIEL
